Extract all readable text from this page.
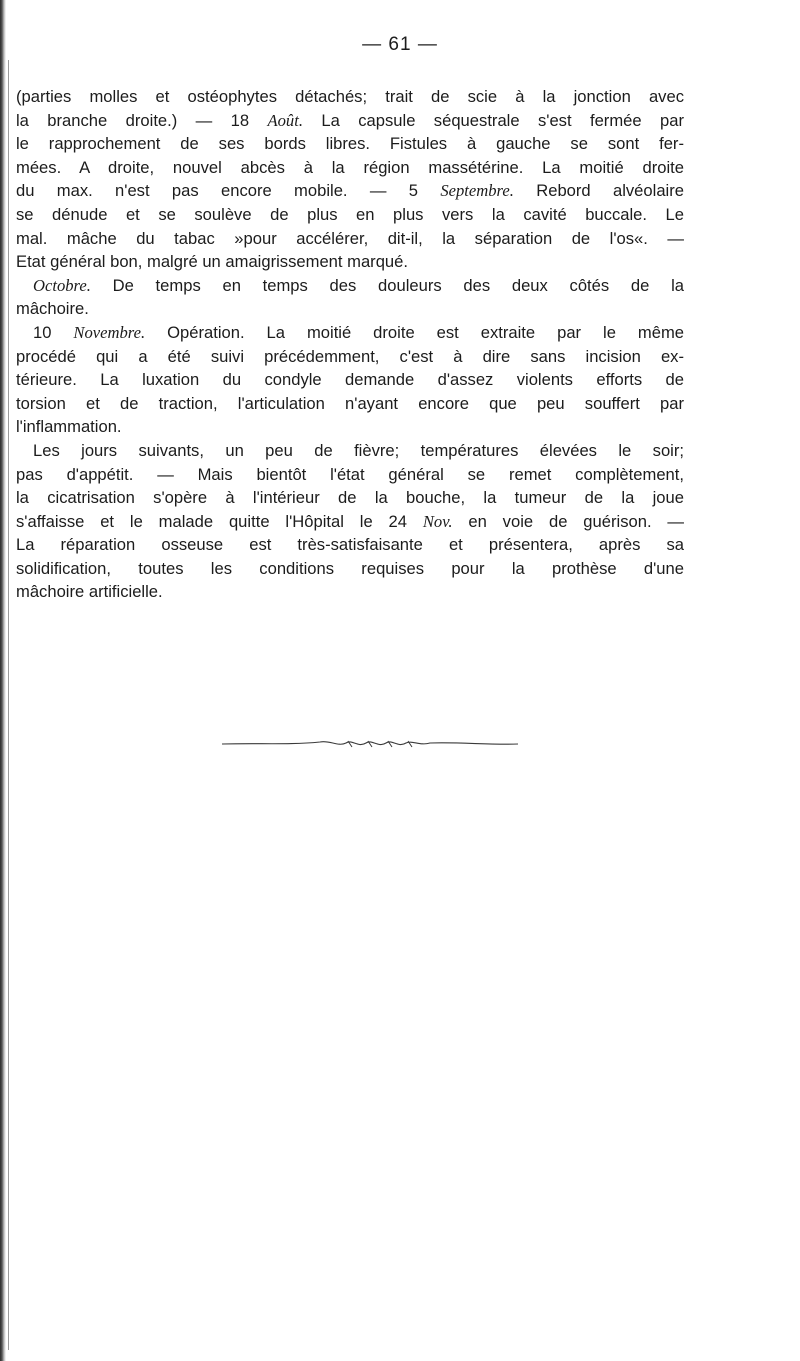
— 61 —
(parties molles et ostéophytes détachés; trait de scie à la jonction avec
la branche droite.) — 18 Août. La capsule séquestrale s'est fermée par
le rapprochement de ses bords libres. Fistules à gauche se sont fer-
mées. A droite, nouvel abcès à la région massétérine. La moitié droite
du max. n'est pas encore mobile. — 5 Septembre. Rebord alvéolaire
se dénude et se soulève de plus en plus vers la cavité buccale. Le
mal. mâche du tabac »pour accélérer, dit-il, la séparation de l'os«. —
Etat général bon, malgré un amaigrissement marqué.
Octobre. De temps en temps des douleurs des deux côtés de la
mâchoire.
10 Novembre. Opération. La moitié droite est extraite par le même
procédé qui a été suivi précédemment, c'est à dire sans incision ex-
térieure. La luxation du condyle demande d'assez violents efforts de
torsion et de traction, l'articulation n'ayant encore que peu souffert par
l'inflammation.
Les jours suivants, un peu de fièvre; températures élevées le soir;
pas d'appétit. — Mais bientôt l'état général se remet complètement,
la cicatrisation s'opère à l'intérieur de la bouche, la tumeur de la joue
s'affaisse et le malade quitte l'Hôpital le 24 Nov. en voie de guérison. —
La réparation osseuse est très-satisfaisante et présentera, après sa
solidification, toutes les conditions requises pour la prothèse d'une
mâchoire artificielle.
